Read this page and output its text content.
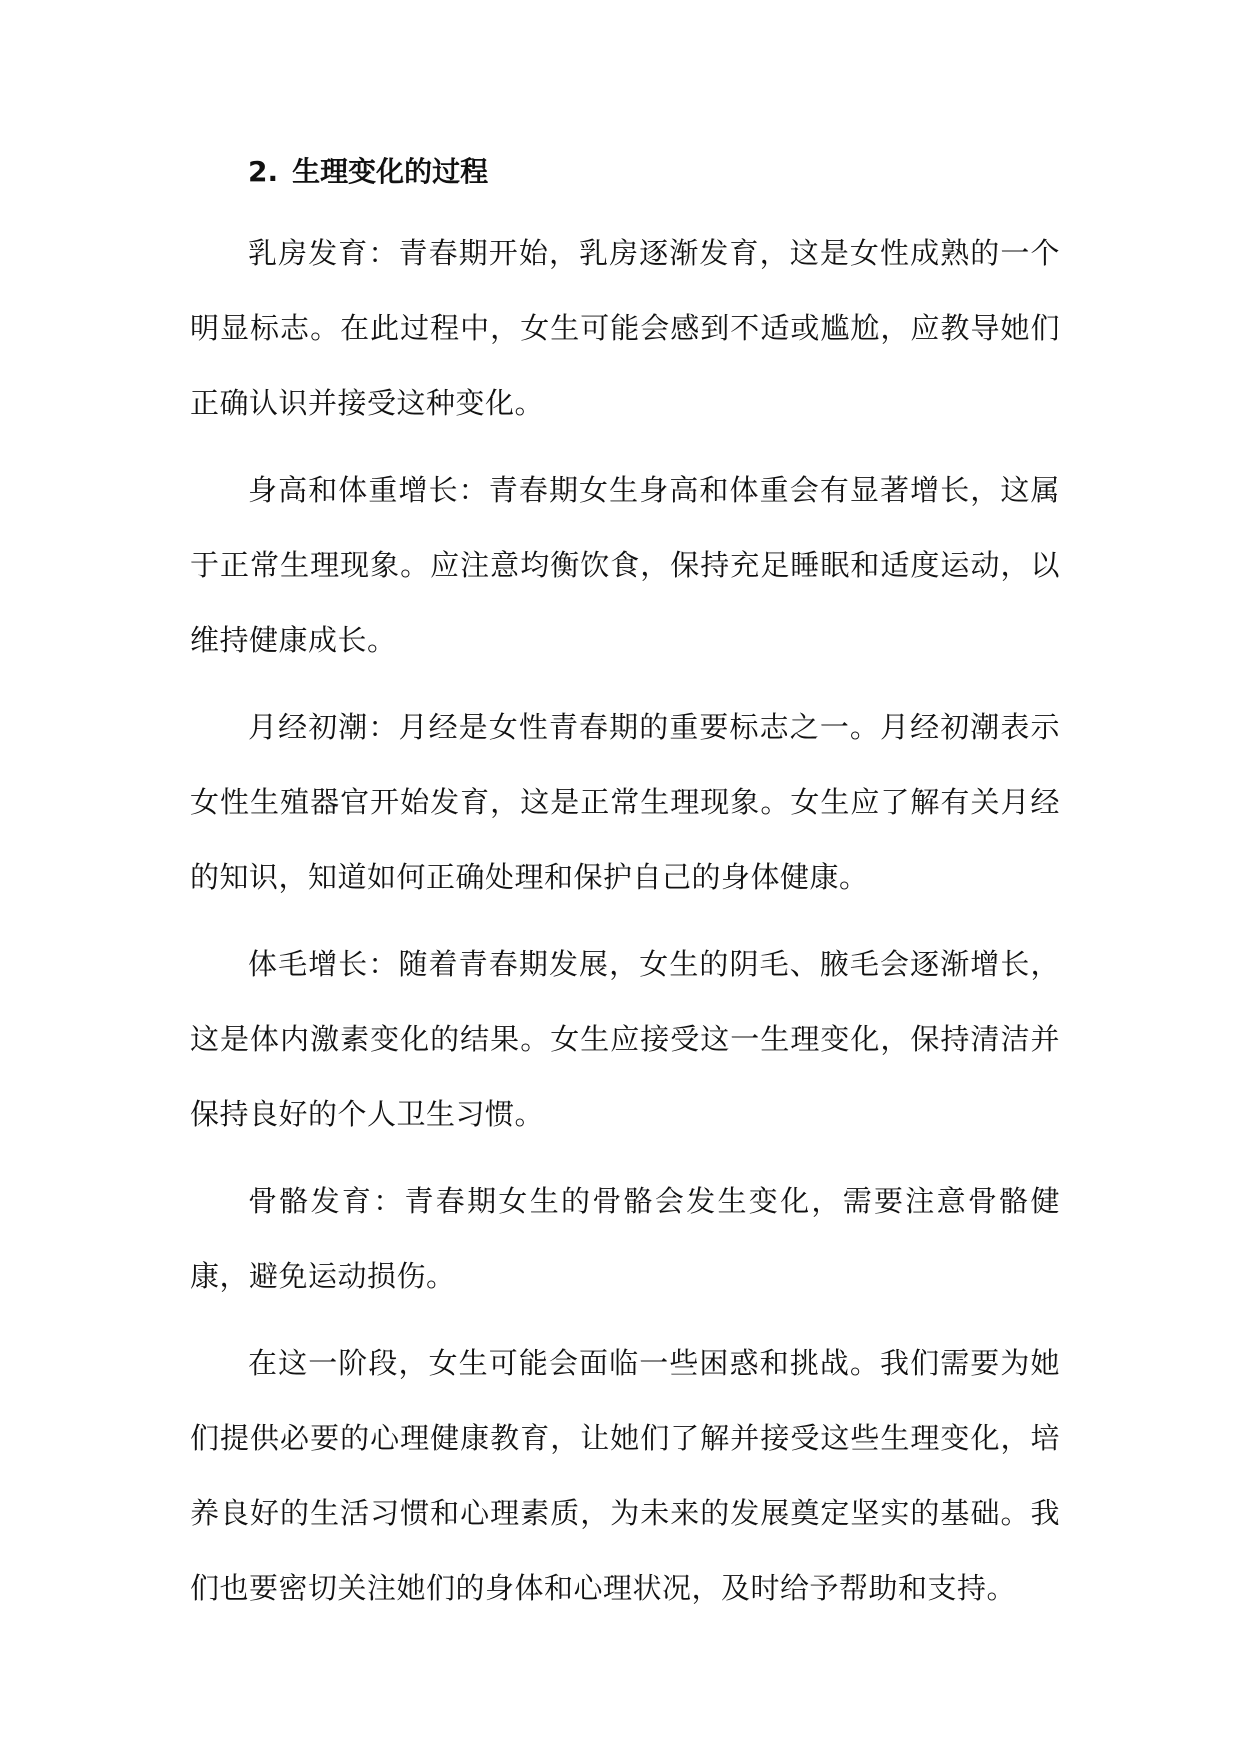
2. 生理变化的过程

乳房发育：青春期开始，乳房逐渐发育，这是女性成熟的一个明显标志。在此过程中，女生可能会感到不适或尴尬，应教导她们正确认识并接受这种变化。

身高和体重增长：青春期女生身高和体重会有显著增长，这属于正常生理现象。应注意均衡饮食，保持充足睡眠和适度运动，以维持健康成长。

月经初潮：月经是女性青春期的重要标志之一。月经初潮表示女性生殖器官开始发育，这是正常生理现象。女生应了解有关月经的知识，知道如何正确处理和保护自己的身体健康。

体毛增长：随着青春期发展，女生的阴毛、腋毛会逐渐增长，这是体内激素变化的结果。女生应接受这一生理变化，保持清洁并保持良好的个人卫生习惯。

骨骼发育：青春期女生的骨骼会发生变化，需要注意骨骼健康，避免运动损伤。

在这一阶段，女生可能会面临一些困惑和挑战。我们需要为她们提供必要的心理健康教育，让她们了解并接受这些生理变化，培养良好的生活习惯和心理素质，为未来的发展奠定坚实的基础。我们也要密切关注她们的身体和心理状况，及时给予帮助和支持。
